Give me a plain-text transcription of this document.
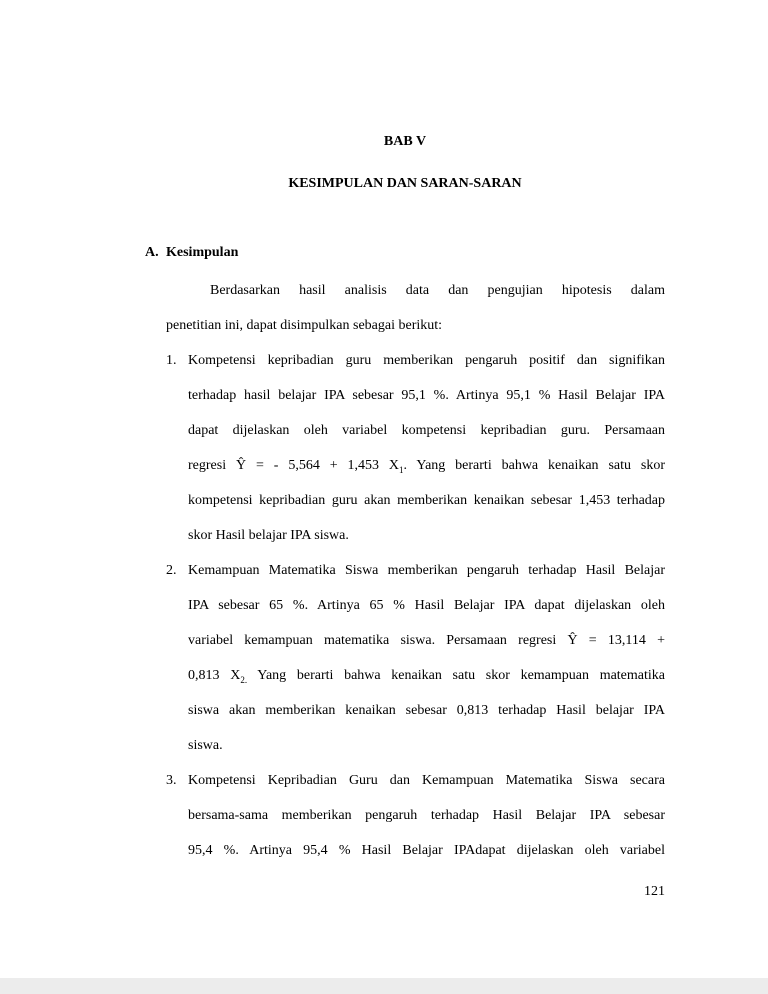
BAB V
KESIMPULAN DAN SARAN-SARAN
A. Kesimpulan
Berdasarkan hasil analisis data dan pengujian hipotesis dalam
penetitian ini, dapat disimpulkan sebagai berikut:
1. Kompetensi kepribadian guru memberikan pengaruh positif dan signifikan
terhadap hasil belajar IPA sebesar 95,1 %. Artinya 95,1 % Hasil Belajar IPA
dapat dijelaskan oleh variabel kompetensi kepribadian guru. Persamaan
regresi Ŷ = - 5,564 + 1,453 $X_1$. Yang berarti bahwa kenaikan satu skor
kompetensi kepribadian guru akan memberikan kenaikan sebesar 1,453 terhadap
skor Hasil belajar IPA siswa.
2. Kemampuan Matematika Siswa memberikan pengaruh terhadap Hasil Belajar
IPA sebesar 65 %. Artinya 65 % Hasil Belajar IPA dapat dijelaskan oleh
variabel kemampuan matematika siswa. Persamaan regresi Ŷ = 13,114 +
0,813 $X_{2.}$ Yang berarti bahwa kenaikan satu skor kemampuan matematika
siswa akan memberikan kenaikan sebesar 0,813 terhadap Hasil belajar IPA
siswa.
3. Kompetensi Kepribadian Guru dan Kemampuan Matematika Siswa secara
bersama-sama memberikan pengaruh terhadap Hasil Belajar IPA sebesar
95,4 %. Artinya 95,4 % Hasil Belajar IPAdapat dijelaskan oleh variabel
121
